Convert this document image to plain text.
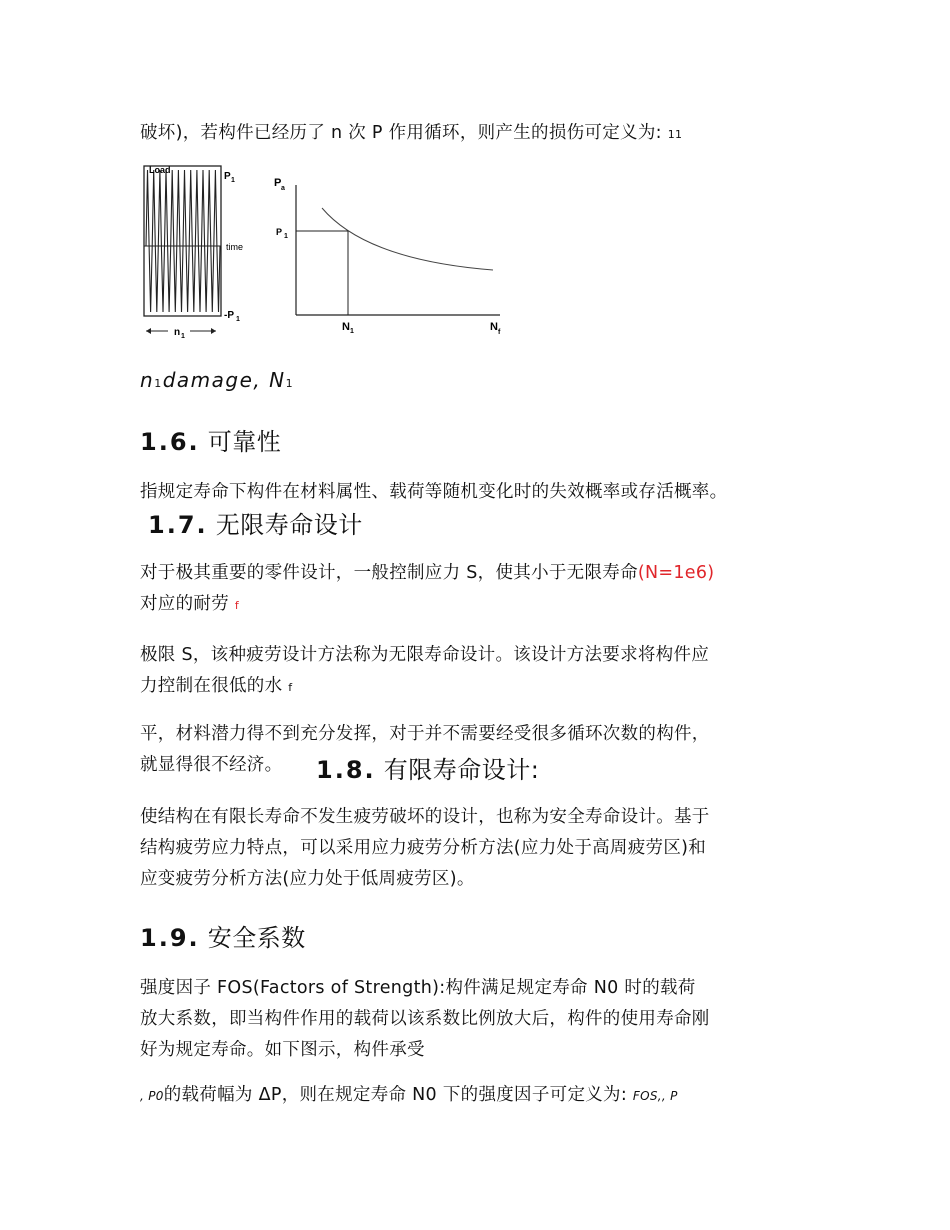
破坏)，若构件已经历了 n 次 P 作用循环，则产生的损伤可定义为: 11
Load
P 1
time
-P 1
n 1
P a
P 1
N 1	N f
n1damage, N1
1.6. 可靠性
指规定寿命下构件在材料属性、载荷等随机变化时的失效概率或存活概率。
1.7. 无限寿命设计
对于极其重要的零件设计，一般控制应力 S，使其小于无限寿命(N=1e6)
对应的耐劳 f
极限 S，该种疲劳设计方法称为无限寿命设计。该设计方法要求将构件应
力控制在很低的水 f
平，材料潜力得不到充分发挥，对于并不需要经受很多循环次数的构件，
就显得很不经济。	1.8. 有限寿命设计:
使结构在有限长寿命不发生疲劳破坏的设计，也称为安全寿命设计。基于
结构疲劳应力特点，可以采用应力疲劳分析方法(应力处于高周疲劳区)和
应变疲劳分析方法(应力处于低周疲劳区)。
1.9. 安全系数
强度因子 FOS(Factors of Strength):构件满足规定寿命 N0 时的载荷
放大系数，即当构件作用的载荷以该系数比例放大后，构件的使用寿命刚
好为规定寿命。如下图示，构件承受
, P0的载荷幅为 ΔP，则在规定寿命 N0 下的强度因子可定义为: FOS,, P
